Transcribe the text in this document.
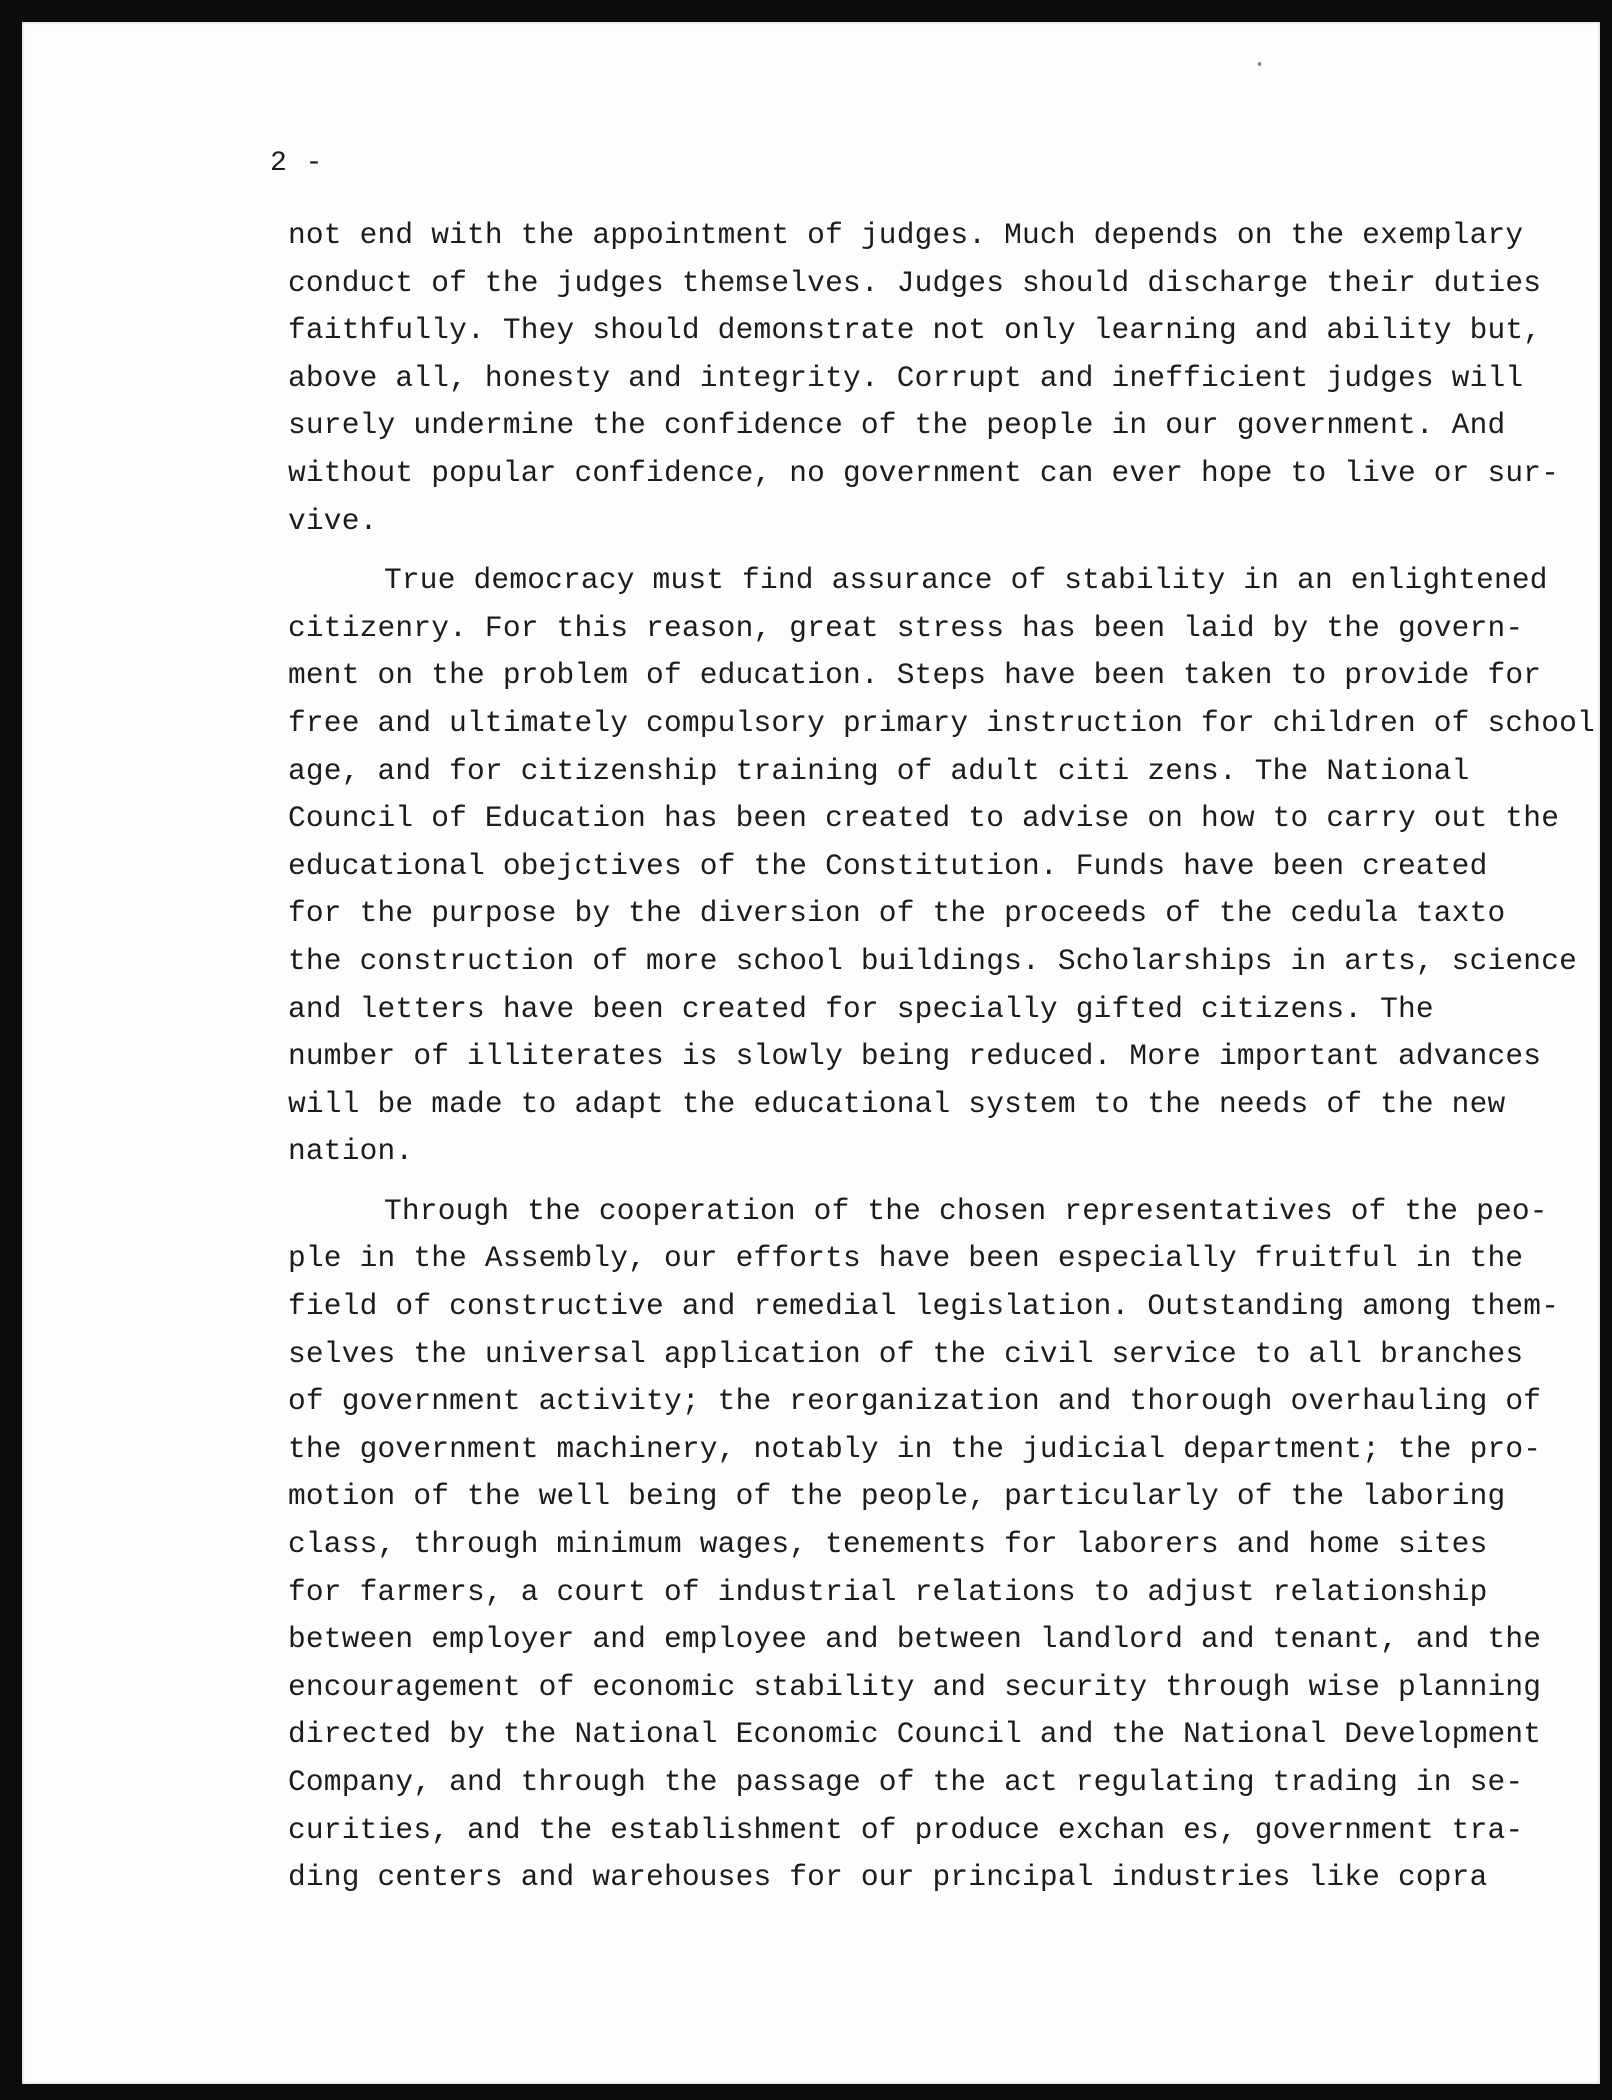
2 -
not end with the appointment of judges. Much depends on the exemplary
conduct of the judges themselves. Judges should discharge their duties
faithfully. They should demonstrate not only learning and ability but,
above all, honesty and integrity. Corrupt and inefficient judges will
surely undermine the confidence of the people in our government. And
without popular confidence, no government can ever hope to live or sur-
vive.
True democracy must find assurance of stability in an enlightened
citizenry. For this reason, great stress has been laid by the govern-
ment on the problem of education. Steps have been taken to provide for
free and ultimately compulsory primary instruction for children of school
age, and for citizenship training of adult citi zens. The National
Council of Education has been created to advise on how to carry out the
educational obejctives of the Constitution. Funds have been created
for the purpose by the diversion of the proceeds of the cedula taxto
the construction of more school buildings. Scholarships in arts, science
and letters have been created for specially gifted citizens. The
number of illiterates is slowly being reduced. More important advances
will be made to adapt the educational system to the needs of the new
nation.
Through the cooperation of the chosen representatives of the peo-
ple in the Assembly, our efforts have been especially fruitful in the
field of constructive and remedial legislation. Outstanding among them-
selves the universal application of the civil service to all branches
of government activity; the reorganization and thorough overhauling of
the government machinery, notably in the judicial department; the pro-
motion of the well being of the people, particularly of the laboring
class, through minimum wages, tenements for laborers and home sites
for farmers, a court of industrial relations to adjust relationship
between employer and employee and between landlord and tenant, and the
encouragement of economic stability and security through wise planning
directed by the National Economic Council and the National Development
Company, and through the passage of the act regulating trading in se-
curities, and the establishment of produce exchan es, government tra-
ding centers and warehouses for our principal industries like copra
